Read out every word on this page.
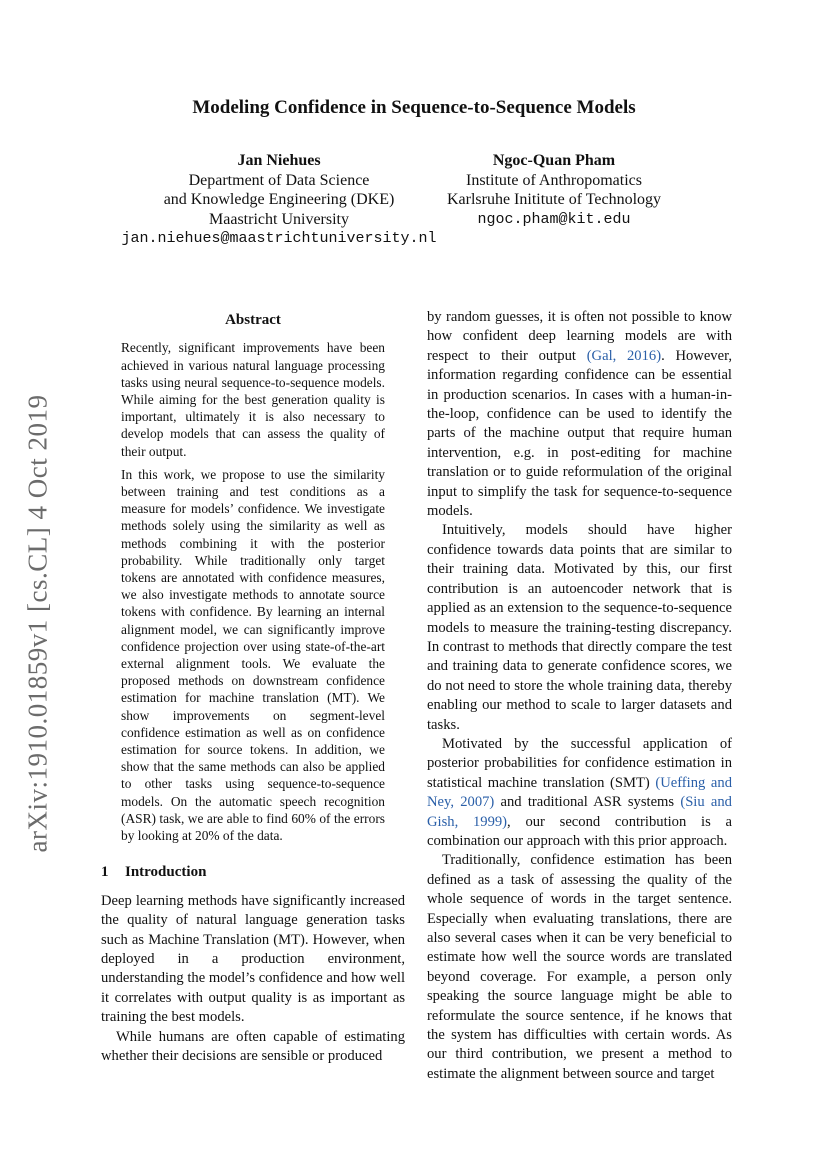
arXiv:1910.01859v1 [cs.CL] 4 Oct 2019
Modeling Confidence in Sequence-to-Sequence Models
Jan Niehues
Department of Data Science
and Knowledge Engineering (DKE)
Maastricht University
jan.niehues@maastrichtuniversity.nl
Ngoc-Quan Pham
Institute of Anthropomatics
Karlsruhe Inititute of Technology
ngoc.pham@kit.edu
Abstract

Recently, significant improvements have been achieved in various natural language processing tasks using neural sequence-to-sequence models. While aiming for the best generation quality is important, ultimately it is also necessary to develop models that can assess the quality of their output.

In this work, we propose to use the similarity between training and test conditions as a measure for models’ confidence. We investigate methods solely using the similarity as well as methods combining it with the posterior probability. While traditionally only target tokens are annotated with confidence measures, we also investigate methods to annotate source tokens with confidence. By learning an internal alignment model, we can significantly improve confidence projection over using state-of-the-art external alignment tools. We evaluate the proposed methods on downstream confidence estimation for machine translation (MT). We show improvements on segment-level confidence estimation as well as on confidence estimation for source tokens. In addition, we show that the same methods can also be applied to other tasks using sequence-to-sequence models. On the automatic speech recognition (ASR) task, we are able to find 60% of the errors by looking at 20% of the data.

1 Introduction

Deep learning methods have significantly increased the quality of natural language generation tasks such as Machine Translation (MT). However, when deployed in a production environment, understanding the model’s confidence and how well it correlates with output quality is as important as training the best models.

While humans are often capable of estimating whether their decisions are sensible or produced

by random guesses, it is often not possible to know how confident deep learning models are with respect to their output (Gal, 2016). However, information regarding confidence can be essential in production scenarios. In cases with a human-in-the-loop, confidence can be used to identify the parts of the machine output that require human intervention, e.g. in post-editing for machine translation or to guide reformulation of the original input to simplify the task for sequence-to-sequence models.

Intuitively, models should have higher confidence towards data points that are similar to their training data. Motivated by this, our first contribution is an autoencoder network that is applied as an extension to the sequence-to-sequence models to measure the training-testing discrepancy. In contrast to methods that directly compare the test and training data to generate confidence scores, we do not need to store the whole training data, thereby enabling our method to scale to larger datasets and tasks.

Motivated by the successful application of posterior probabilities for confidence estimation in statistical machine translation (SMT) (Ueffing and Ney, 2007) and traditional ASR systems (Siu and Gish, 1999), our second contribution is a combination our approach with this prior approach.

Traditionally, confidence estimation has been defined as a task of assessing the quality of the whole sequence of words in the target sentence. Especially when evaluating translations, there are also several cases when it can be very beneficial to estimate how well the source words are translated beyond coverage. For example, a person only speaking the source language might be able to reformulate the source sentence, if he knows that the system has difficulties with certain words. As our third contribution, we present a method to estimate the alignment between source and target
